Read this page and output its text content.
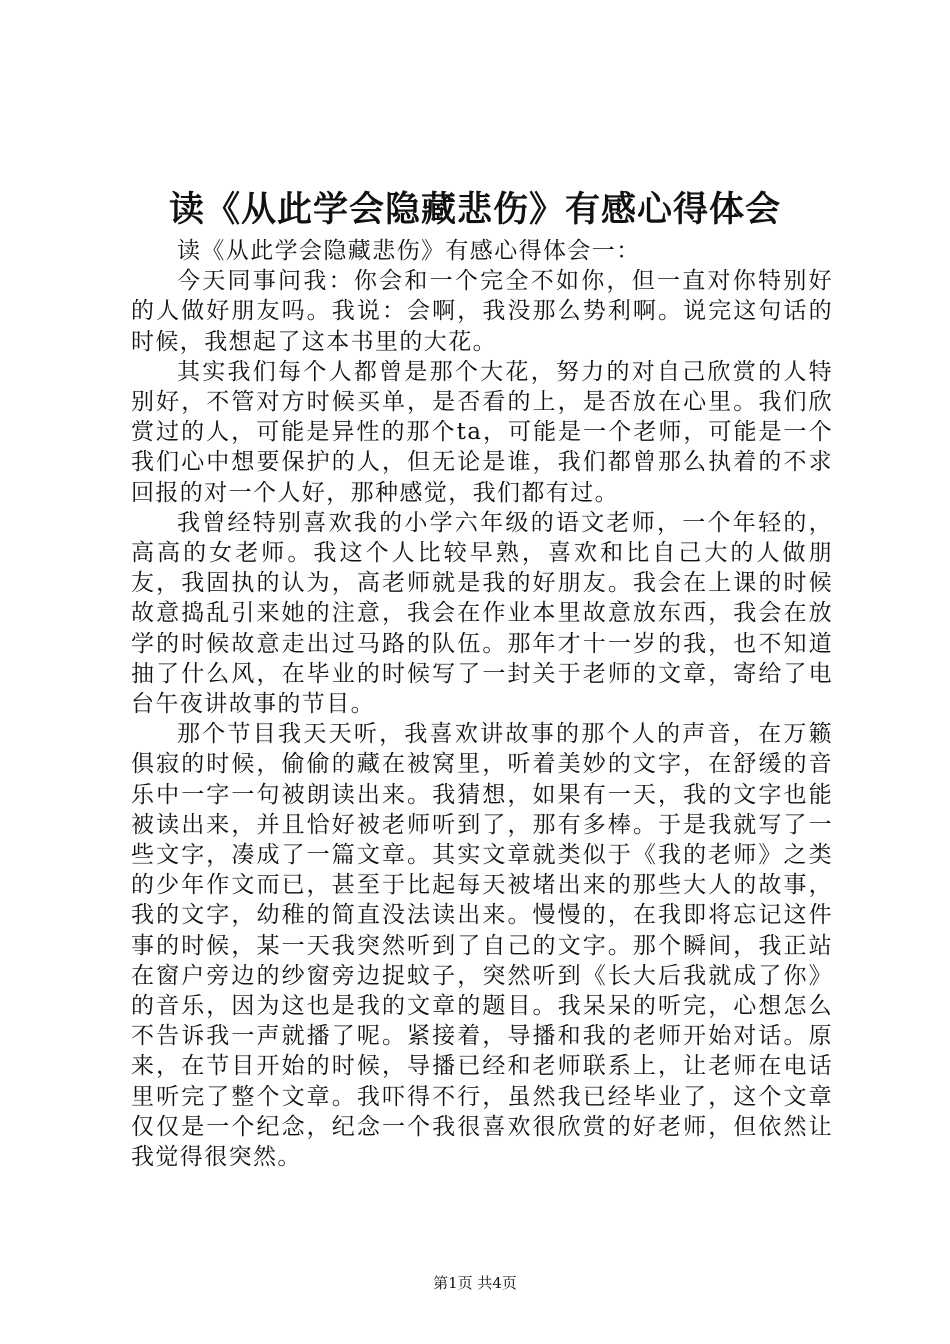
读《从此学会隐藏悲伤》有感心得体会

读《从此学会隐藏悲伤》有感心得体会一：

今天同事问我：你会和一个完全不如你，但一直对你特别好的人做好朋友吗。我说：会啊，我没那么势利啊。说完这句话的时候，我想起了这本书里的大花。

其实我们每个人都曾是那个大花，努力的对自己欣赏的人特别好，不管对方时候买单，是否看的上，是否放在心里。我们欣赏过的人，可能是异性的那个ta，可能是一个老师，可能是一个我们心中想要保护的人，但无论是谁，我们都曾那么执着的不求回报的对一个人好，那种感觉，我们都有过。

我曾经特别喜欢我的小学六年级的语文老师，一个年轻的，高高的女老师。我这个人比较早熟，喜欢和比自己大的人做朋友，我固执的认为，高老师就是我的好朋友。我会在上课的时候故意捣乱引来她的注意，我会在作业本里故意放东西，我会在放学的时候故意走出过马路的队伍。那年才十一岁的我，也不知道抽了什么风，在毕业的时候写了一封关于老师的文章，寄给了电台午夜讲故事的节目。

那个节目我天天听，我喜欢讲故事的那个人的声音，在万籁俱寂的时候，偷偷的藏在被窝里，听着美妙的文字，在舒缓的音乐中一字一句被朗读出来。我猜想，如果有一天，我的文字也能被读出来，并且恰好被老师听到了，那有多棒。于是我就写了一些文字，凑成了一篇文章。其实文章就类似于《我的老师》之类的少年作文而已，甚至于比起每天被堵出来的那些大人的故事，我的文字，幼稚的简直没法读出来。慢慢的，在我即将忘记这件事的时候，某一天我突然听到了自己的文字。那个瞬间，我正站在窗户旁边的纱窗旁边捉蚊子，突然听到《长大后我就成了你》的音乐，因为这也是我的文章的题目。我呆呆的听完，心想怎么不告诉我一声就播了呢。紧接着，导播和我的老师开始对话。原来，在节目开始的时候，导播已经和老师联系上，让老师在电话里听完了整个文章。我吓得不行，虽然我已经毕业了，这个文章仅仅是一个纪念，纪念一个我很喜欢很欣赏的好老师，但依然让我觉得很突然。

第1页 共4页
